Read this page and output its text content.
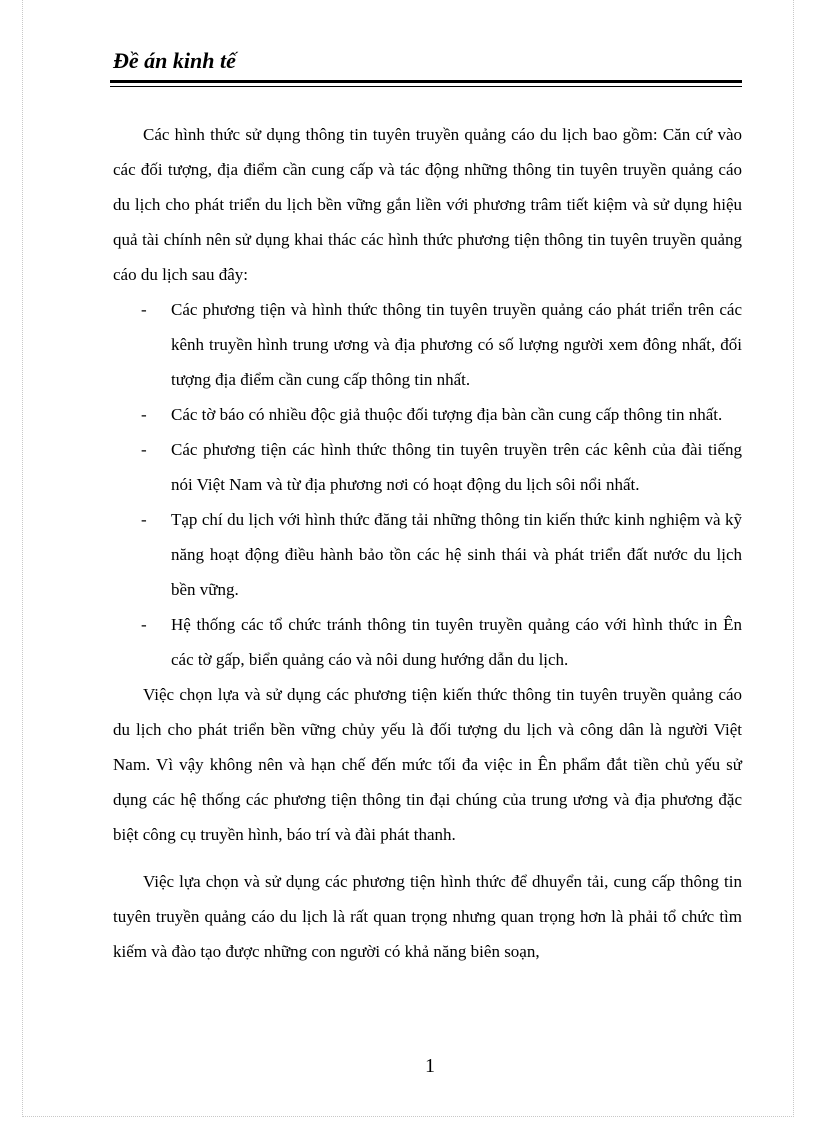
Đề án kinh tế

Các hình thức sử dụng thông tin tuyên truyền quảng cáo du lịch bao gồm: Căn cứ vào các đối tượng, địa điểm cần cung cấp và tác động những thông tin tuyên truyền quảng cáo du lịch cho phát triển du lịch bền vững gắn liền với phương trâm tiết kiệm và sử dụng hiệu quả tài chính nên sử dụng khai thác các hình thức phương tiện thông tin tuyên truyền quảng cáo du lịch sau đây:

- Các phương tiện và hình thức thông tin tuyên truyền quảng cáo phát triển trên các kênh truyền hình trung ương và địa phương có số lượng người xem đông nhất, đối tượng địa điểm cần cung cấp thông tin nhất.

- Các tờ báo có nhiều độc giả thuộc đối tượng địa bàn cần cung cấp thông tin nhất.

- Các phương tiện các hình thức thông tin tuyên truyền trên các kênh của đài tiếng nói Việt Nam và từ địa phương nơi có hoạt động du lịch sôi nổi nhất.

- Tạp chí du lịch với hình thức đăng tải những thông tin kiến thức kinh nghiệm và kỹ năng hoạt động điều hành bảo tồn các hệ sinh thái và phát triển đất nước du lịch bền vững.

- Hệ thống các tổ chức tránh thông tin tuyên truyền quảng cáo với hình thức in Ên các tờ gấp, biển quảng cáo và nôi dung hướng dẫn du lịch.

Việc chọn lựa và sử dụng các phương tiện kiến thức thông tin tuyên truyền quảng cáo du lịch cho phát triển bền vững chủy yếu là đối tượng du lịch và công dân là người Việt Nam. Vì vậy không nên và hạn chế đến mức tối đa việc in Ên phẩm đắt tiền chủ yếu sử dụng các hệ thống các phương tiện thông tin đại chúng của trung ương và địa phương đặc biệt công cụ truyền hình, báo trí và đài phát thanh.

Việc lựa chọn và sử dụng các phương tiện hình thức để dhuyển tải, cung cấp thông tin tuyên truyền quảng cáo du lịch là rất quan trọng nhưng quan trọng hơn là phải tổ chức tìm kiếm và đào tạo được những con người có khả năng biên soạn,

1
